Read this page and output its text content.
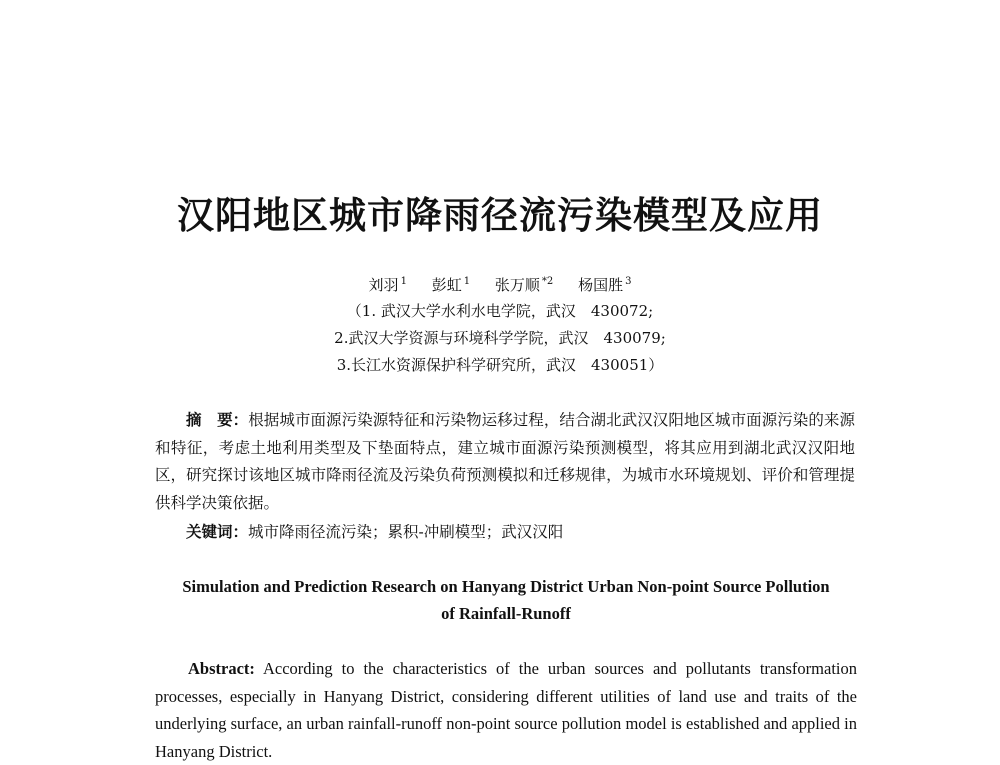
汉阳地区城市降雨径流污染模型及应用
刘羽 $^1$ 彭虹 $^1$ 张万顺 $^{*2}$ 杨国胜 $^3$
（1. 武汉大学水利水电学院，武汉　430072;
2.武汉大学资源与环境科学学院，武汉　430079;
3.长江水资源保护科学研究所，武汉　430051）
摘　要：根据城市面源污染源特征和污染物运移过程，结合湖北武汉汉阳地区城市面源污染的来源和特征，考虑土地利用类型及下垫面特点，建立城市面源污染预测模型，将其应用到湖北武汉汉阳地区，研究探讨该地区城市降雨径流及污染负荷预测模拟和迁移规律，为城市水环境规划、评价和管理提供科学决策依据。
关键词：城市降雨径流污染；累积-冲刷模型；武汉汉阳
Simulation and Prediction Research on Hanyang District Urban Non-point Source Pollution
of Rainfall-Runoff
Abstract: According to the characteristics of the urban sources and pollutants transformation processes, especially in Hanyang District, considering different utilities of land use and traits of the underlying surface, an urban rainfall-runoff non-point source pollution model is established and applied in Hanyang District.
